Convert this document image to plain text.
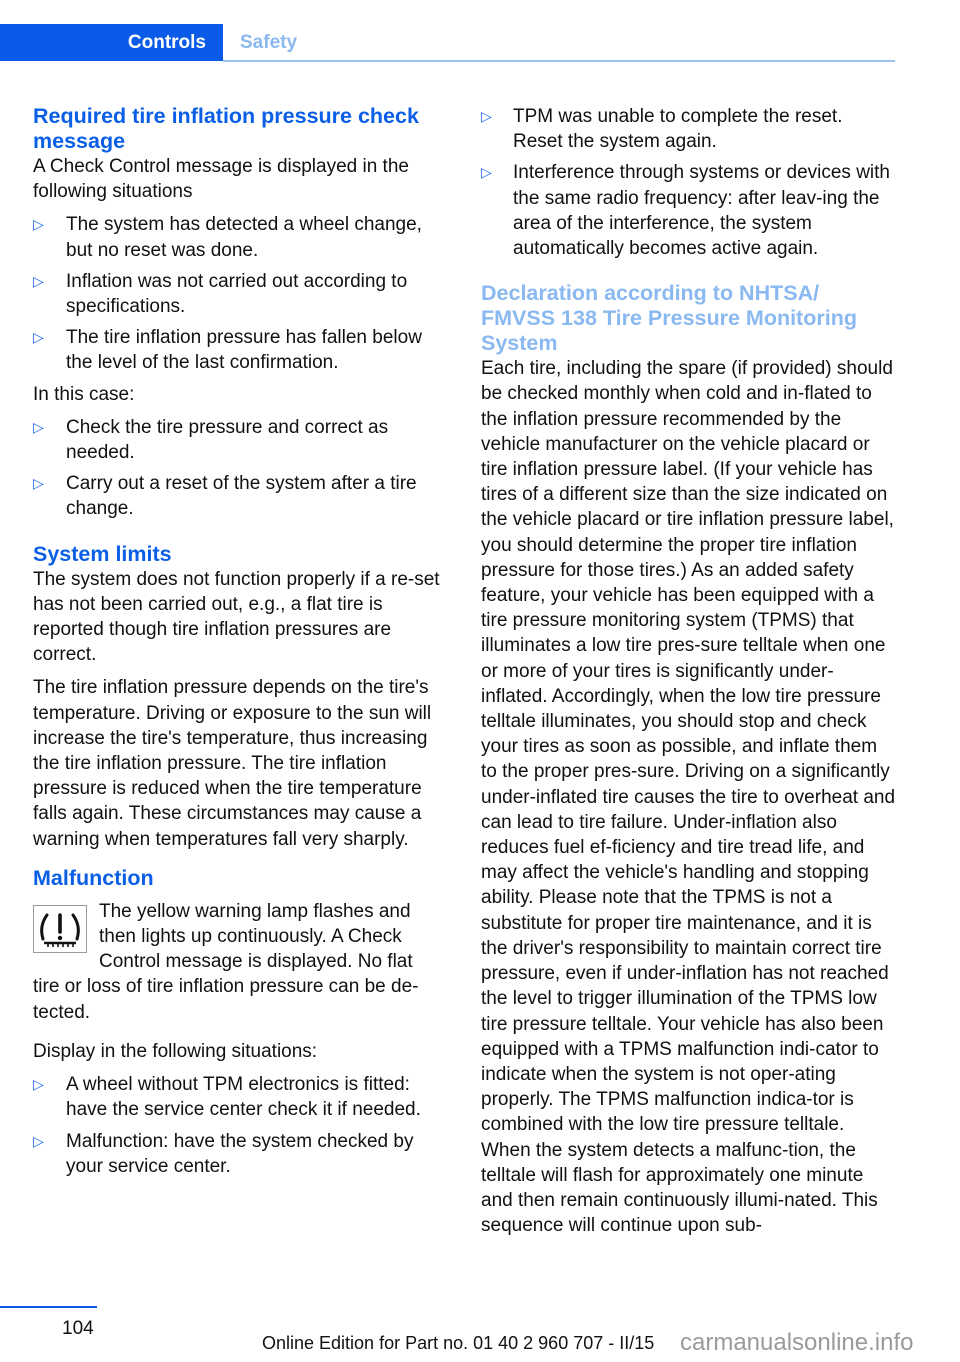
Controls	Safety
Required tire inflation pressure check message

A Check Control message is displayed in the following situations

▷ The system has detected a wheel change, but no reset was done.
▷ Inflation was not carried out according to specifications.
▷ The tire inflation pressure has fallen below the level of the last confirmation.

In this case:

▷ Check the tire pressure and correct as needed.
▷ Carry out a reset of the system after a tire change.
System limits

The system does not function properly if a re-set has not been carried out, e.g., a flat tire is reported though tire inflation pressures are correct.

The tire inflation pressure depends on the tire's temperature. Driving or exposure to the sun will increase the tire's temperature, thus increasing the tire inflation pressure. The tire inflation pressure is reduced when the tire temperature falls again. These circumstances may cause a warning when temperatures fall very sharply.

Malfunction

The yellow warning lamp flashes and then lights up continuously. A Check Control message is displayed. No flat tire or loss of tire inflation pressure can be de-tected.

Display in the following situations:

▷ A wheel without TPM electronics is fitted: have the service center check it if needed.
▷ Malfunction: have the system checked by your service center.
▷ TPM was unable to complete the reset. Reset the system again.
▷ Interference through systems or devices with the same radio frequency: after leav-ing the area of the interference, the system automatically becomes active again.
Declaration according to NHTSA/ FMVSS 138 Tire Pressure Monitoring System

Each tire, including the spare (if provided) should be checked monthly when cold and in-flated to the inflation pressure recommended by the vehicle manufacturer on the vehicle placard or tire inflation pressure label. (If your vehicle has tires of a different size than the size indicated on the vehicle placard or tire inflation pressure label, you should determine the proper tire inflation pressure for those tires.) As an added safety feature, your vehicle has been equipped with a tire pressure monitoring system (TPMS) that illuminates a low tire pres-sure telltale when one or more of your tires is significantly under-inflated. Accordingly, when the low tire pressure telltale illuminates, you should stop and check your tires as soon as possible, and inflate them to the proper pres-sure. Driving on a significantly under-inflated tire causes the tire to overheat and can lead to tire failure. Under-inflation also reduces fuel ef-ficiency and tire tread life, and may affect the vehicle's handling and stopping ability. Please note that the TPMS is not a substitute for proper tire maintenance, and it is the driver's responsibility to maintain correct tire pressure, even if under-inflation has not reached the level to trigger illumination of the TPMS low tire pressure telltale. Your vehicle has also been equipped with a TPMS malfunction indi-cator to indicate when the system is not oper-ating properly. The TPMS malfunction indica-tor is combined with the low tire pressure telltale. When the system detects a malfunc-tion, the telltale will flash for approximately one minute and then remain continuously illumi-nated. This sequence will continue upon sub-

104
Online Edition for Part no. 01 40 2 960 707 - II/15 carmanualsonline.info
